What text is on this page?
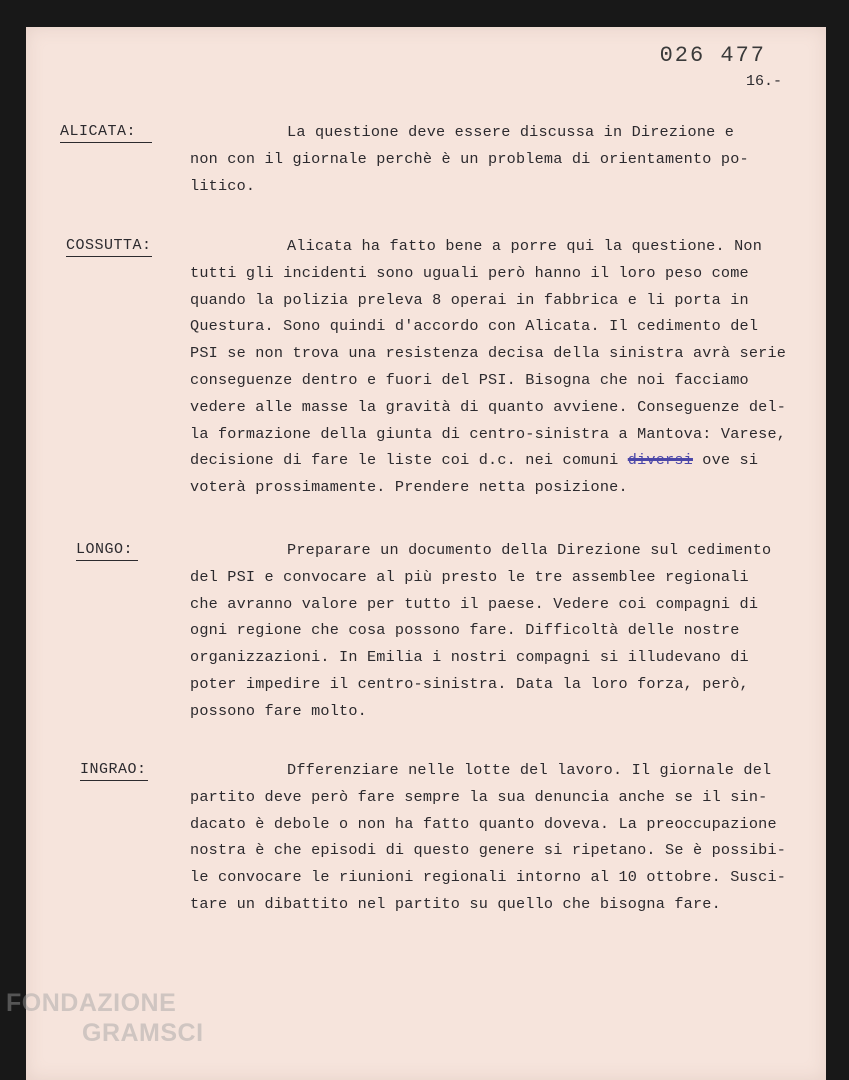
026 477
16.-
ALICATA:	La questione deve essere discussa in Direzione e
non con il giornale perchè è un problema di orientamento po-
litico.
COSSUTTA:	Alicata ha fatto bene a porre qui la questione. Non
tutti gli incidenti sono uguali però hanno il loro peso come
quando la polizia preleva 8 operai in fabbrica e li porta in
Questura. Sono quindi d'accordo con Alicata. Il cedimento del
PSI se non trova una resistenza decisa della sinistra avrà serie
conseguenze dentro e fuori del PSI. Bisogna che noi facciamo
vedere alle masse la gravità di quanto avviene. Conseguenze del-
la formazione della giunta di centro-sinistra a Mantova: Varese,
decisione di fare le liste coi d.c. nei comuni diversi ove si
voterà prossimamente. Prendere netta posizione.
LONGO:	Preparare un documento della Direzione sul cedimento
del PSI e convocare al più presto le tre assemblee regionali
che avranno valore per tutto il paese. Vedere coi compagni di
ogni regione che cosa possono fare. Difficoltà delle nostre
organizzazioni. In Emilia i nostri compagni si illudevano di
poter impedire il centro-sinistra. Data la loro forza, però,
possono fare molto.
INGRAO:	Dfferenziare nelle lotte del lavoro. Il giornale del
partito deve però fare sempre la sua denuncia anche se il sin-
dacato è debole o non ha fatto quanto doveva. La preoccupazione
nostra è che episodi di questo genere si ripetano. Se è possibi-
le convocare le riunioni regionali intorno al 10 ottobre. Susci-
tare un dibattito nel partito su quello che bisogna fare.
FONDAZIONE
GRAMSCI
